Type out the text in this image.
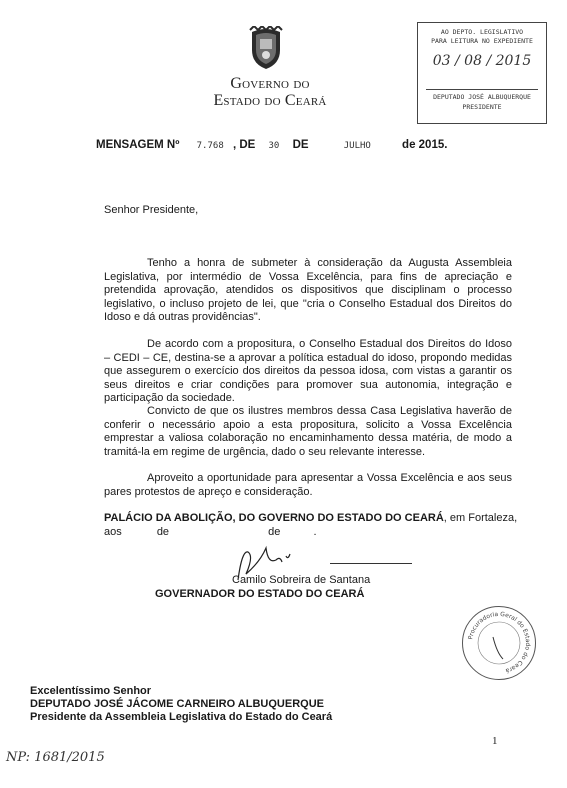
GOVERNO DO
ESTADO DO CEARÁ
AO DEPTO. LEGISLATIVO
PARA LEITURA NO EXPEDIENTE
03 / 08 / 2015
DEPUTADO JOSÉ ALBUQUERQUE
PRESIDENTE
MENSAGEM Nº 7.768 , DE 30 DE	JULHO	de 2015.
Senhor Presidente,
Tenho a honra de submeter à consideração da Augusta Assembleia Legislativa, por intermédio de Vossa Excelência, para fins de apreciação e pretendida aprovação, atendidos os dispositivos que disciplinam o processo legislativo, o incluso projeto de lei, que "cria o Conselho Estadual dos Direitos do Idoso e dá outras providências".
De acordo com a propositura, o Conselho Estadual dos Direitos do Idoso – CEDI – CE, destina-se a aprovar a política estadual do idoso, propondo medidas que assegurem o exercício dos direitos da pessoa idosa, com vistas a garantir os seus direitos e criar condições para promover sua autonomia, integração e participação da sociedade.
Convicto de que os ilustres membros dessa Casa Legislativa haverão de conferir o necessário apoio a esta propositura, solicito a Vossa Excelência emprestar a valiosa colaboração no encaminhamento dessa matéria, de modo a tramitá-la em regime de urgência, dado o seu relevante interesse.
Aproveito a oportunidade para apresentar a Vossa Excelência e aos seus pares protestos de apreço e consideração.
PALÁCIO DA ABOLIÇÃO, DO GOVERNO DO ESTADO DO CEARÁ, em Fortaleza,
aos	de	de	.
Camilo Sobreira de Santana
GOVERNADOR DO ESTADO DO CEARÁ
Procuradoria Geral do Estado do Ceará
Excelentíssimo Senhor
DEPUTADO JOSÉ JÁCOME CARNEIRO ALBUQUERQUE
Presidente da Assembleia Legislativa do Estado do Ceará
1
NP: 1681/2015
